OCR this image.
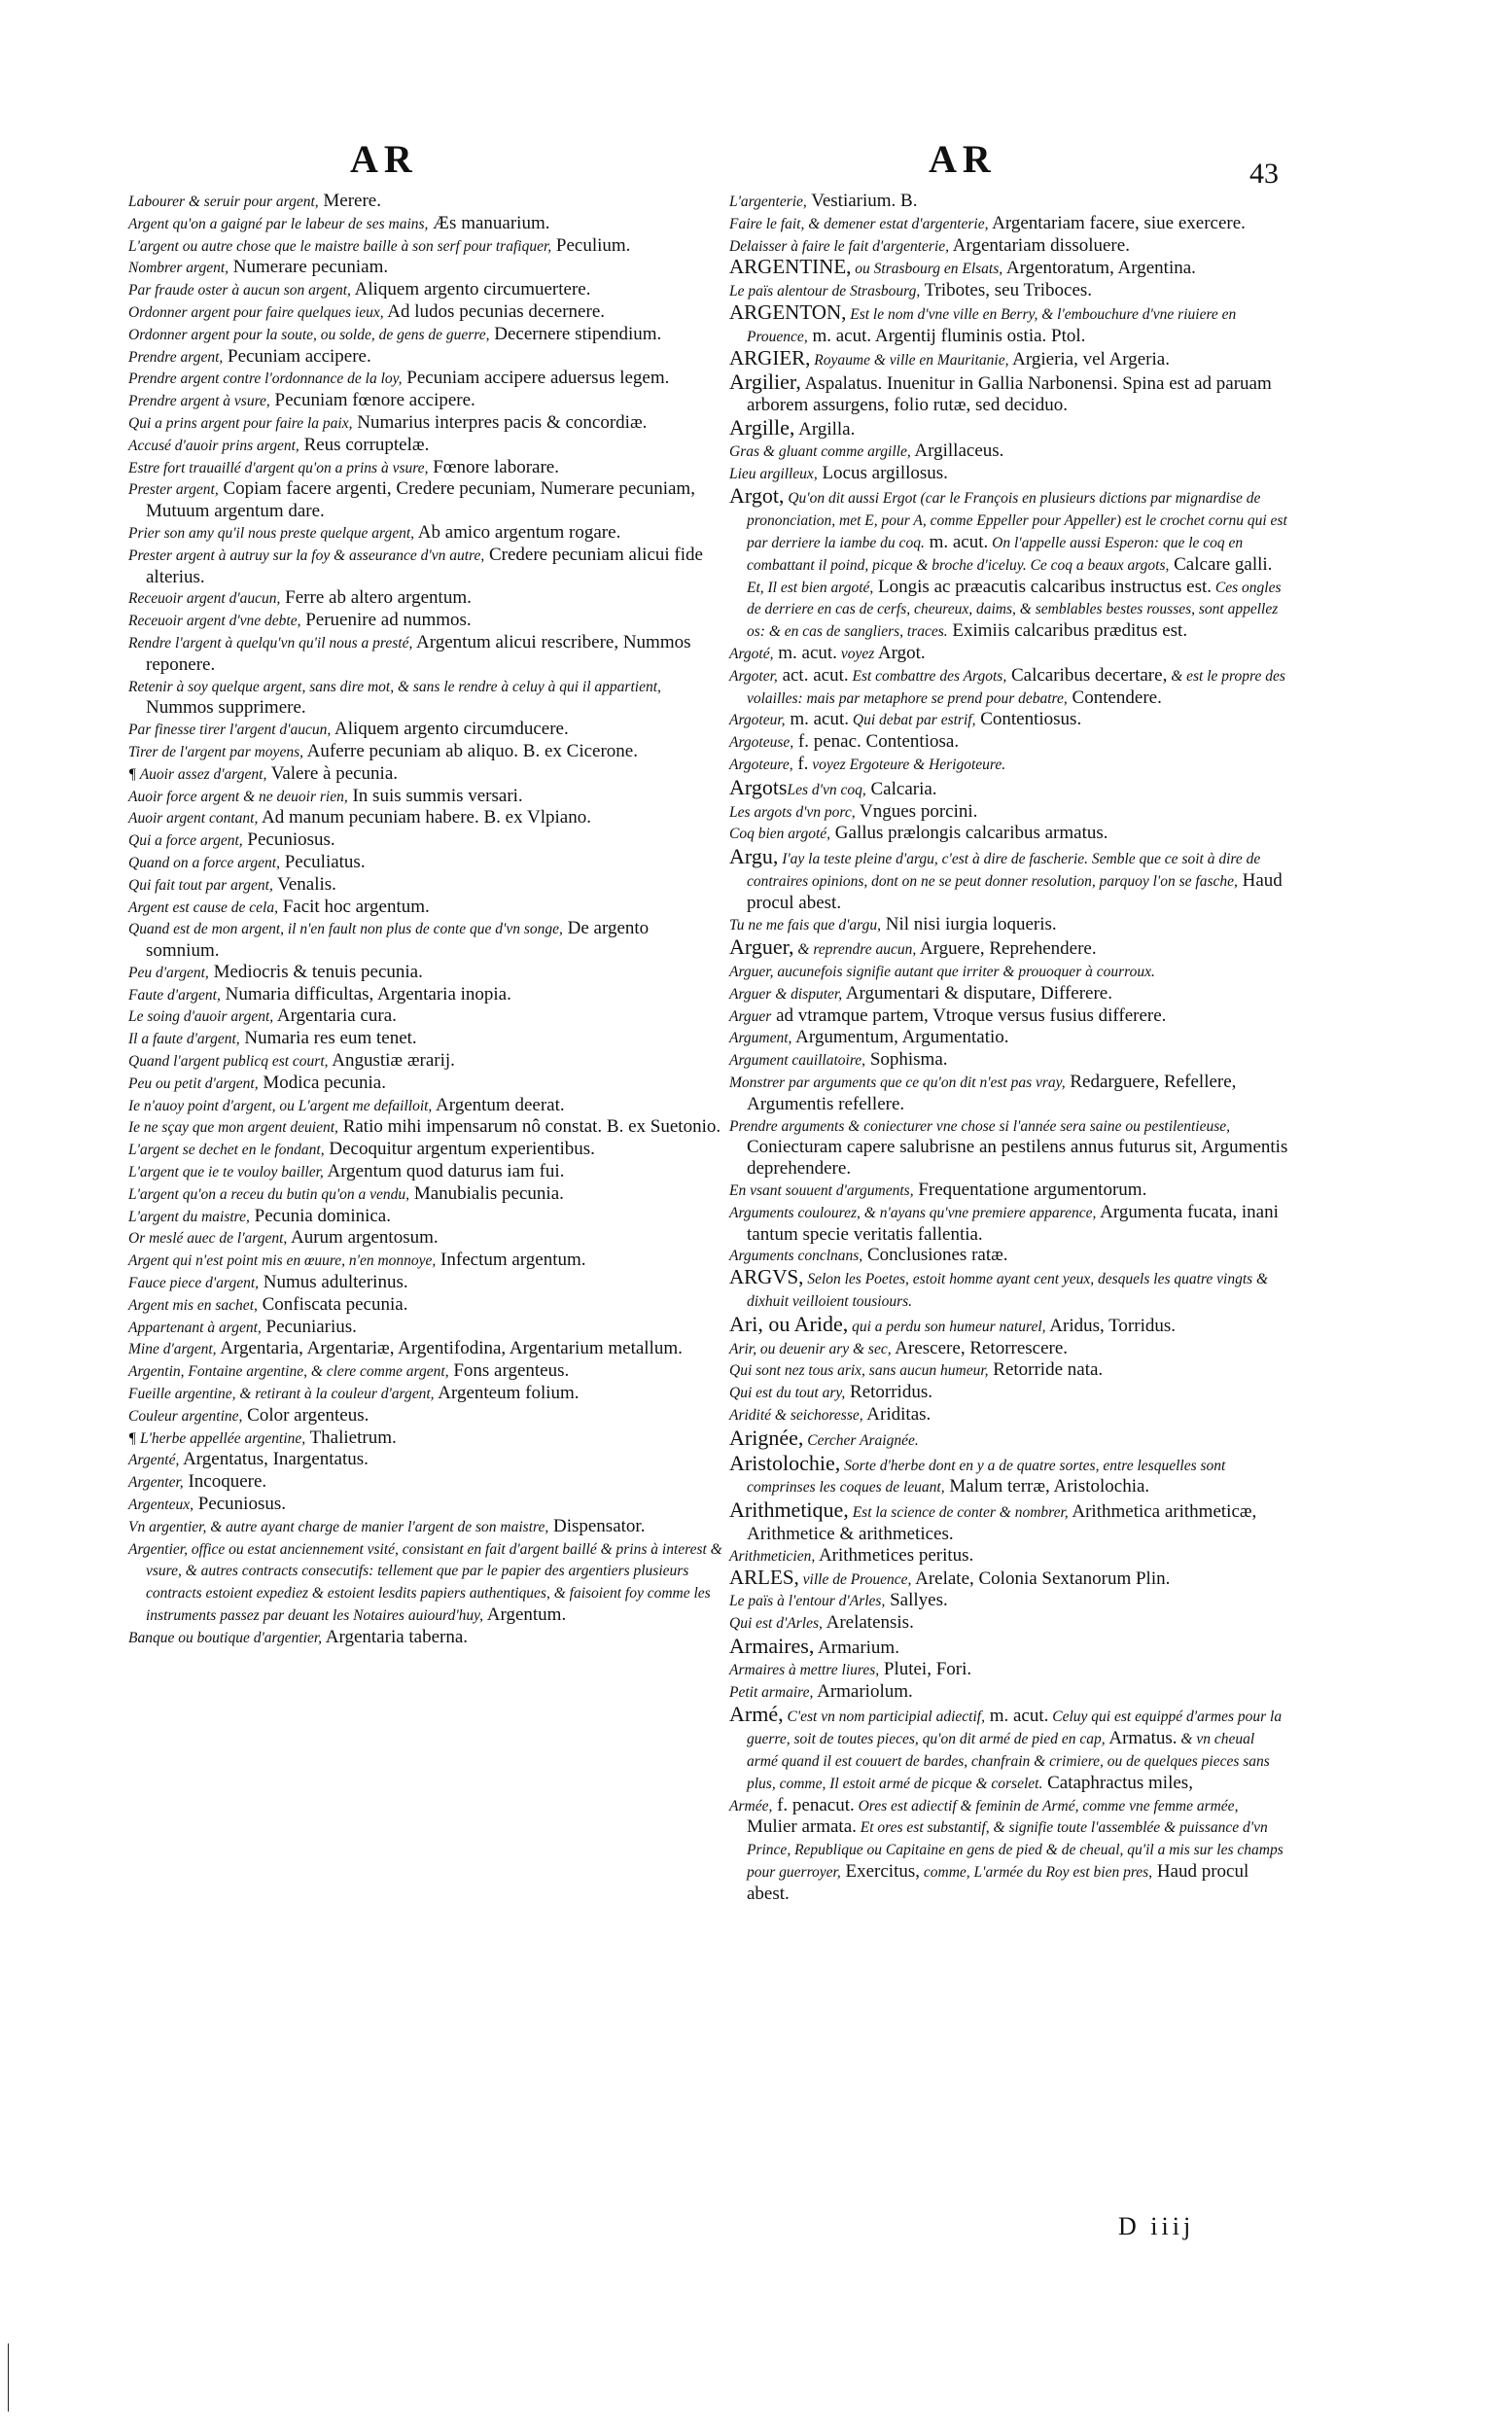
AR	AR	43

Labourer & seruir pour argent, Merere.

Argent qu'on a gaigné par le labeur de ses mains, Æs manuarium.

L'argent ou autre chose que le maistre baille à son serf pour trafiquer, Peculium.

Nombrer argent, Numerare pecuniam.

Par fraude oster à aucun son argent, Aliquem argento circumuertere.

Ordonner argent pour faire quelques ieux, Ad ludos pecunias decernere.

Ordonner argent pour la soute, ou solde, de gens de guerre, Decernere stipendium.

Prendre argent, Pecuniam accipere.

Prendre argent contre l'ordonnance de la loy, Pecuniam accipere aduersus legem.

Prendre argent à vsure, Pecuniam fœnore accipere.

Qui a prins argent pour faire la paix, Numarius interpres pacis & concordiæ.

Accusé d'auoir prins argent, Reus corruptelæ.

Estre fort trauaillé d'argent qu'on a prins à vsure, Fœnore laborare.

Prester argent, Copiam facere argenti, Credere pecuniam, Numerare pecuniam, Mutuum argentum dare.

Prier son amy qu'il nous preste quelque argent, Ab amico argentum rogare.

Prester argent à autruy sur la foy & asseurance d'vn autre, Credere pecuniam alicui fide alterius.

Receuoir argent d'aucun, Ferre ab altero argentum.

Receuoir argent d'vne debte, Peruenire ad nummos.

Rendre l'argent à quelqu'vn qu'il nous a presté, Argentum alicui rescribere, Nummos reponere.

Retenir à soy quelque argent, sans dire mot, & sans le rendre à celuy à qui il appartient, Nummos supprimere.

Par finesse tirer l'argent d'aucun, Aliquem argento circumducere.

Tirer de l'argent par moyens, Auferre pecuniam ab aliquo. B. ex Cicerone.

¶ Auoir assez d'argent, Valere à pecunia.

Auoir force argent & ne deuoir rien, In suis summis versari.

Auoir argent contant, Ad manum pecuniam habere. B. ex Vlpiano.

Qui a force argent, Pecuniosus.

Quand on a force argent, Peculiatus.

Qui fait tout par argent, Venalis.

Argent est cause de cela, Facit hoc argentum.

Quand est de mon argent, il n'en fault non plus de conte que d'vn songe, De argento somnium.

Peu d'argent, Mediocris & tenuis pecunia.

Faute d'argent, Numaria difficultas, Argentaria inopia.

Le soing d'auoir argent, Argentaria cura.

Il a faute d'argent, Numaria res eum tenet.

Quand l'argent publicq est court, Angustiæ ærarij.

Peu ou petit d'argent, Modica pecunia.

Ie n'auoy point d'argent, ou L'argent me defailloit, Argentum deerat.

Ie ne sçay que mon argent deuient, Ratio mihi impensarum nô constat. B. ex Suetonio.

L'argent se dechet en le fondant, Decoquitur argentum experientibus.

L'argent que ie te vouloy bailler, Argentum quod daturus iam fui.

L'argent qu'on a receu du butin qu'on a vendu, Manubialis pecunia.

L'argent du maistre, Pecunia dominica.

Or meslé auec de l'argent, Aurum argentosum.

Argent qui n'est point mis en œuure, n'en monnoye, Infectum argentum.

Fauce piece d'argent, Numus adulterinus.

Argent mis en sachet, Confiscata pecunia.

Appartenant à argent, Pecuniarius.

Mine d'argent, Argentaria, Argentariæ, Argentifodina, Argentarium metallum.

Argentin, Fontaine argentine, & clere comme argent, Fons argenteus.

Fueille argentine, & retirant à la couleur d'argent, Argenteum folium.

Couleur argentine, Color argenteus.

¶ L'herbe appellée argentine, Thalietrum.

Argenté, Argentatus, Inargentatus.

Argenter, Incoquere.

Argenteux, Pecuniosus.

Vn argentier, & autre ayant charge de manier l'argent de son maistre, Dispensator.

Argentier, office ou estat anciennement vsité, consistant en fait d'argent baillé & prins à interest & vsure, & autres contracts consecutifs: tellement que par le papier des argentiers plusieurs contracts estoient expediez & estoient lesdits papiers authentiques, & faisoient foy comme les instruments passez par deuant les Notaires auiourd'huy, Argentum.

Banque ou boutique d'argentier, Argentaria taberna.

L'argenterie, Vestiarium. B.

Faire le fait, & demener estat d'argenterie, Argentariam facere, siue exercere.

Delaisser à faire le fait d'argenterie, Argentariam dissoluere.

ARGENTINE, ou Strasbourg en Elsats, Argentoratum, Argentina.

Le païs alentour de Strasbourg, Tribotes, seu Triboces.

ARGENTON, Est le nom d'vne ville en Berry, & l'embouchure d'vne riuiere en Prouence, m. acut. Argentij fluminis ostia. Ptol.

ARGIER, Royaume & ville en Mauritanie, Argieria, vel Argeria.

Argilier, Aspalatus. Inuenitur in Gallia Narbonensi. Spina est ad paruam arborem assurgens, folio rutæ, sed deciduo.

Argille, Argilla.

Gras & gluant comme argille, Argillaceus.

Lieu argilleux, Locus argillosus.

Argot, Qu'on dit aussi Ergot (car le François en plusieurs dictions par mignardise de prononciation, met E, pour A, comme Eppeller pour Appeller) est le crochet cornu qui est par derriere la iambe du coq. m. acut. On l'appelle aussi Esperon: que le coq en combattant il poind, picque & broche d'iceluy. Ce coq a beaux argots, Calcare galli. Et, Il est bien argoté, Longis ac præacutis calcaribus instructus est. Ces ongles de derriere en cas de cerfs, cheureux, daims, & semblables bestes rousses, sont appellez os: & en cas de sangliers, traces. Eximiis calcaribus præditus est.

Argoté, m. acut. voyez Argot.

Argoter, act. acut. Est combattre des Argots, Calcaribus decertare, & est le propre des volailles: mais par metaphore se prend pour debatre, Contendere.

Argoteur, m. acut. Qui debat par estrif, Contentiosus.

Argoteuse, f. penac. Contentiosa.

Argoteure, f. voyez Ergoteure & Herigoteure.

ArgotsLes d'vn coq, Calcaria.

Les argots d'vn porc, Vngues porcini.

Coq bien argoté, Gallus prælongis calcaribus armatus.

Argu, I'ay la teste pleine d'argu, c'est à dire de fascherie. Semble que ce soit à dire de contraires opinions, dont on ne se peut donner resolution, parquoy l'on se fasche, Haud procul abest.

Tu ne me fais que d'argu, Nil nisi iurgia loqueris.

Arguer, & reprendre aucun, Arguere, Reprehendere.

Arguer, aucunefois signifie autant que irriter & prouoquer à courroux.

Arguer & disputer, Argumentari & disputare, Differere.

Arguer ad vtramque partem, Vtroque versus fusius differere.

Argument, Argumentum, Argumentatio.

Argument cauillatoire, Sophisma.

Monstrer par arguments que ce qu'on dit n'est pas vray, Redarguere, Refellere, Argumentis refellere.

Prendre arguments & coniecturer vne chose si l'année sera saine ou pestilentieuse, Coniecturam capere salubrisne an pestilens annus futurus sit, Argumentis deprehendere.

En vsant souuent d'arguments, Frequentatione argumentorum.

Arguments coulourez, & n'ayans qu'vne premiere apparence, Argumenta fucata, inani tantum specie veritatis fallentia.

Arguments conclnans, Conclusiones ratæ.

ARGVS, Selon les Poetes, estoit homme ayant cent yeux, desquels les quatre vingts & dixhuit veilloient tousiours.

Ari, ou Aride, qui a perdu son humeur naturel, Aridus, Torridus.

Arir, ou deuenir ary & sec, Arescere, Retorrescere.

Qui sont nez tous arix, sans aucun humeur, Retorride nata.

Qui est du tout ary, Retorridus.

Aridité & seichoresse, Ariditas.

Arignée, Cercher Araignée.

Aristolochie, Sorte d'herbe dont en y a de quatre sortes, entre lesquelles sont comprinses les coques de leuant, Malum terræ, Aristolochia.

Arithmetique, Est la science de conter & nombrer, Arithmetica arithmeticæ, Arithmetice & arithmetices.

Arithmeticien, Arithmetices peritus.

ARLES, ville de Prouence, Arelate, Colonia Sextanorum Plin.

Le païs à l'entour d'Arles, Sallyes.

Qui est d'Arles, Arelatensis.

Armaires, Armarium.

Armaires à mettre liures, Plutei, Fori.

Petit armaire, Armariolum.

Armé, C'est vn nom participial adiectif, m. acut. Celuy qui est equippé d'armes pour la guerre, soit de toutes pieces, qu'on dit armé de pied en cap, Armatus. & vn cheual armé quand il est couuert de bardes, chanfrain & crimiere, ou de quelques pieces sans plus, comme, Il estoit armé de picque & corselet. Cataphractus miles,

Armée, f. penacut. Ores est adiectif & feminin de Armé, comme vne femme armée, Mulier armata. Et ores est substantif, & signifie toute l'assemblée & puissance d'vn Prince, Republique ou Capitaine en gens de pied & de cheual, qu'il a mis sur les champs pour guerroyer, Exercitus, comme, L'armée du Roy est bien pres, Haud procul abest.

D iiij
